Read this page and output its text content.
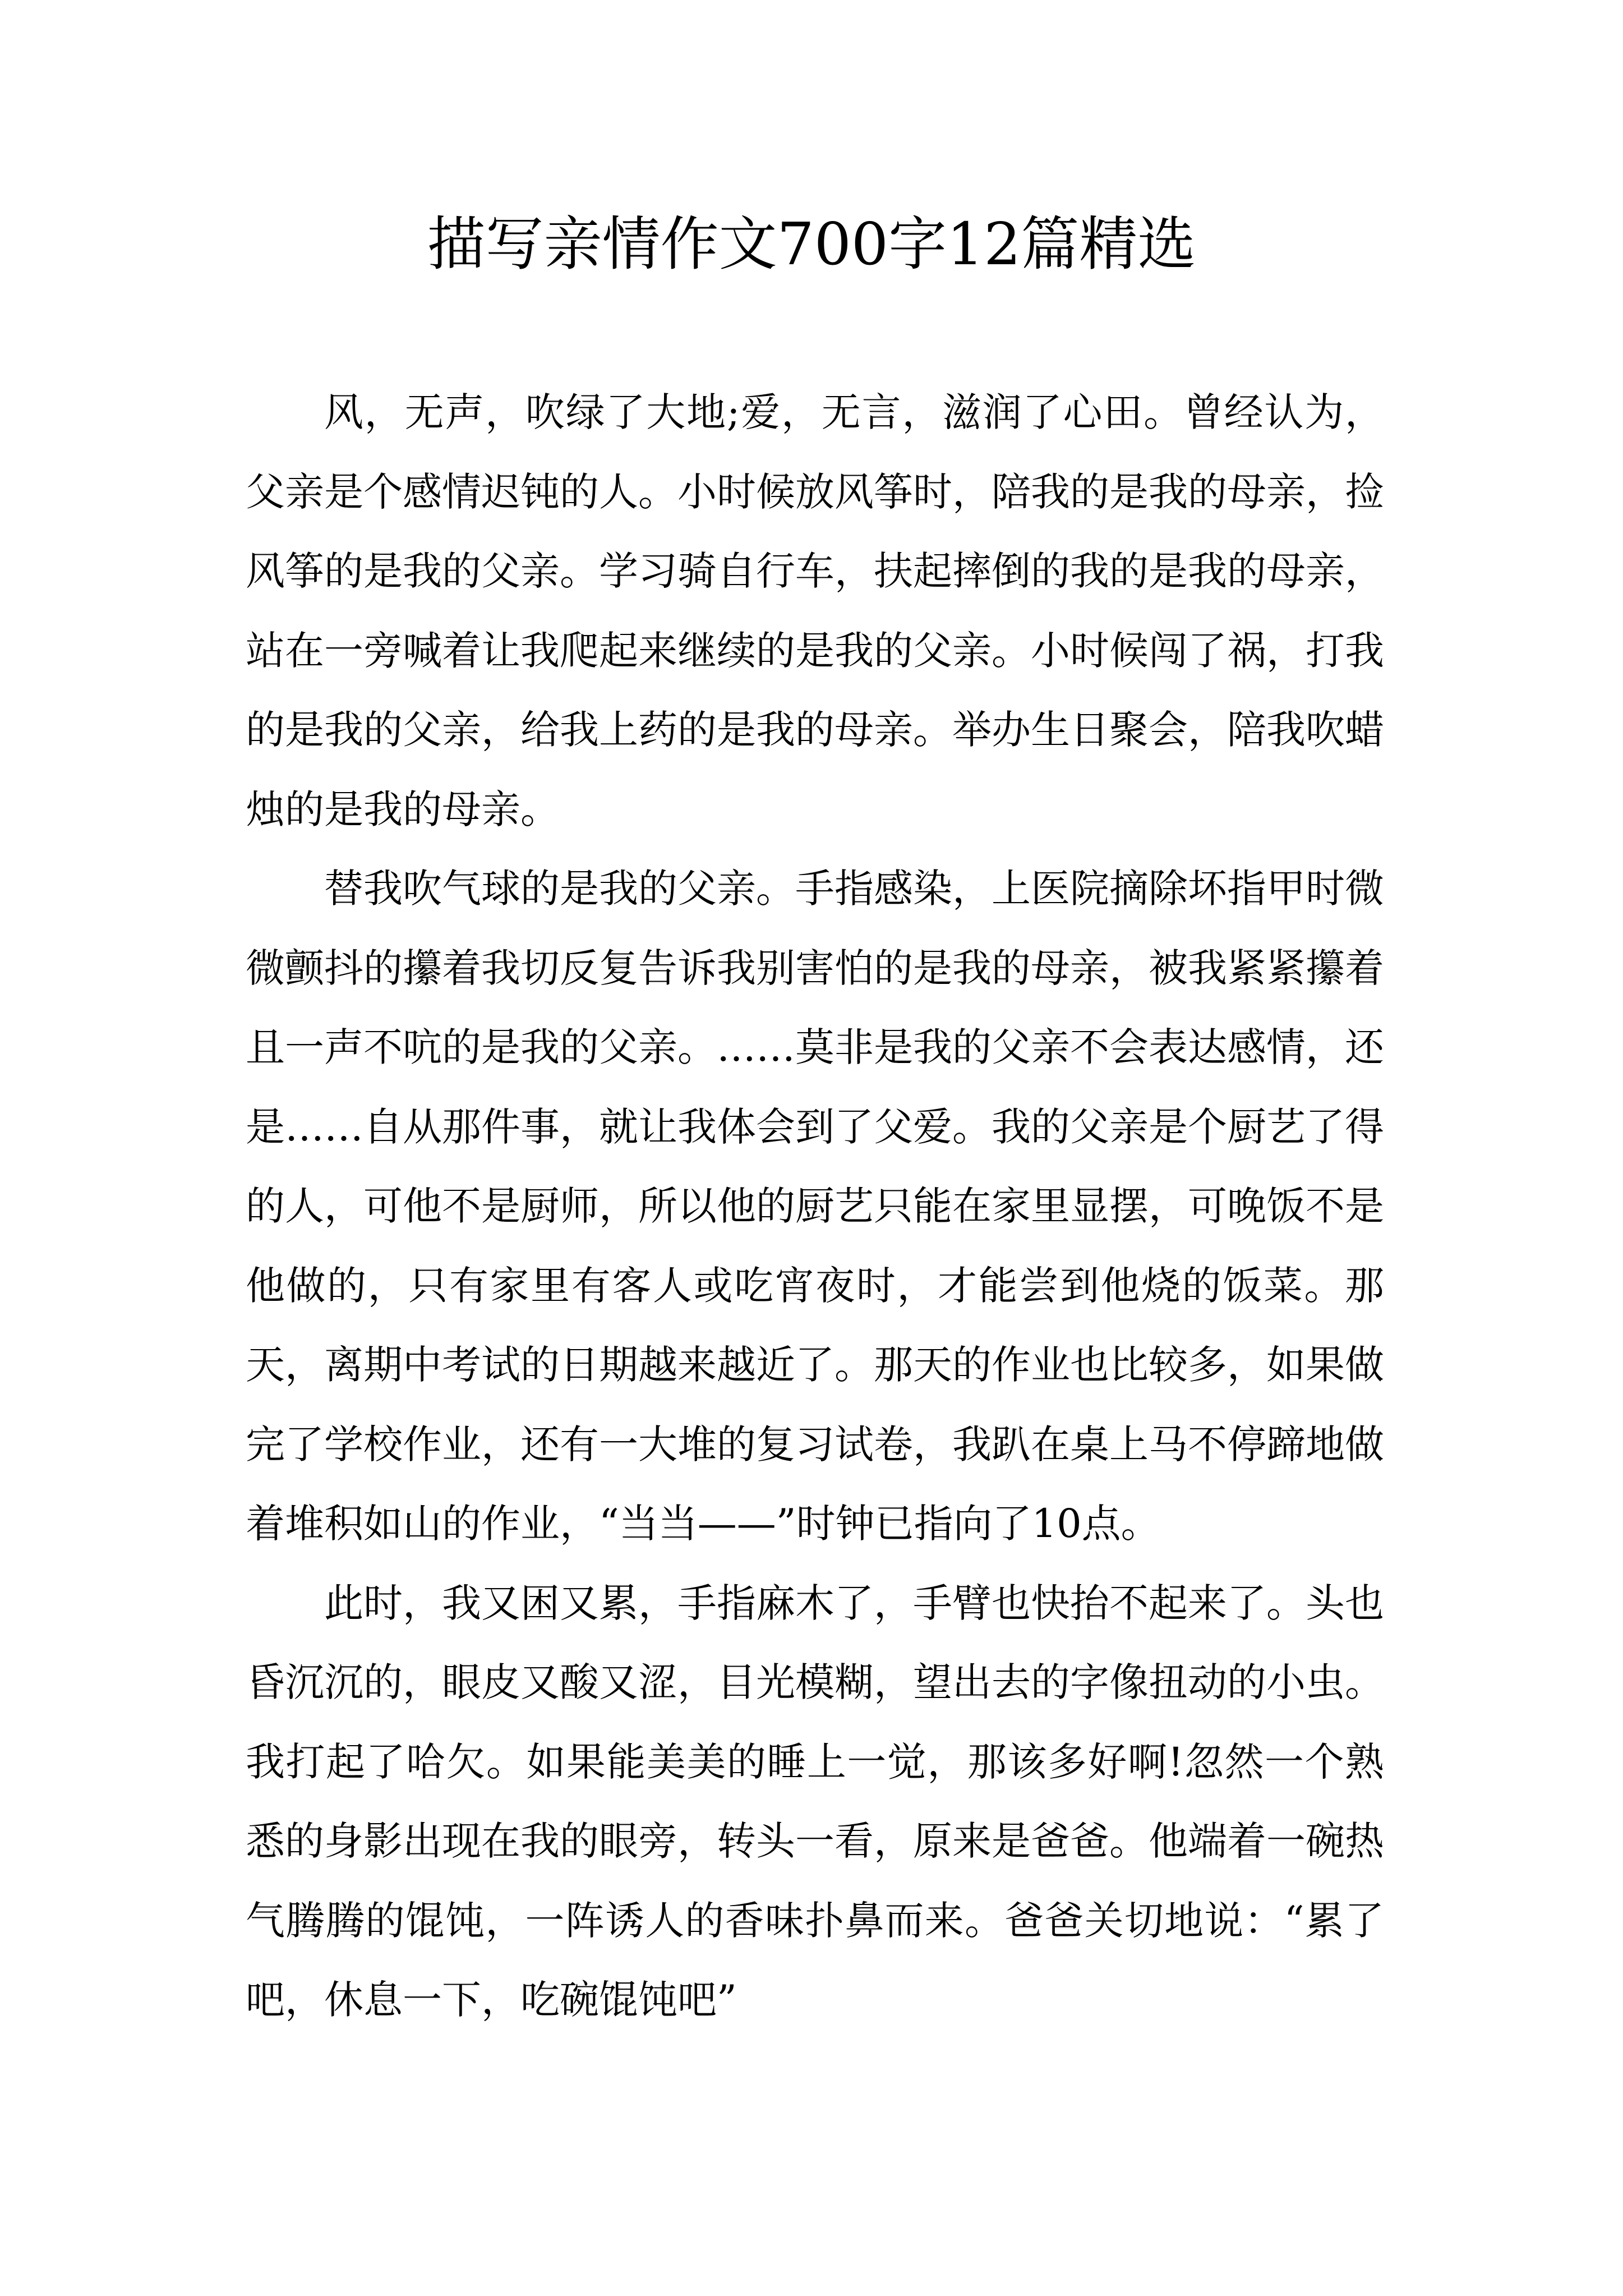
描写亲情作文700字12篇精选

风，无声，吹绿了大地;爱，无言，滋润了心田。曾经认为，父亲是个感情迟钝的人。小时候放风筝时，陪我的是我的母亲，捡风筝的是我的父亲。学习骑自行车，扶起摔倒的我的是我的母亲，站在一旁喊着让我爬起来继续的是我的父亲。小时候闯了祸，打我的是我的父亲，给我上药的是我的母亲。举办生日聚会，陪我吹蜡烛的是我的母亲。

替我吹气球的是我的父亲。手指感染，上医院摘除坏指甲时微微颤抖的攥着我切反复告诉我别害怕的是我的母亲，被我紧紧攥着且一声不吭的是我的父亲。……莫非是我的父亲不会表达感情，还是……自从那件事，就让我体会到了父爱。我的父亲是个厨艺了得的人，可他不是厨师，所以他的厨艺只能在家里显摆，可晚饭不是他做的，只有家里有客人或吃宵夜时，才能尝到他烧的饭菜。那天，离期中考试的日期越来越近了。那天的作业也比较多，如果做完了学校作业，还有一大堆的复习试卷，我趴在桌上马不停蹄地做着堆积如山的作业，“当当——”时钟已指向了10点。

此时，我又困又累，手指麻木了，手臂也快抬不起来了。头也昏沉沉的，眼皮又酸又涩，目光模糊，望出去的字像扭动的小虫。我打起了哈欠。如果能美美的睡上一觉，那该多好啊!忽然一个熟悉的身影出现在我的眼旁，转头一看，原来是爸爸。他端着一碗热气腾腾的馄饨，一阵诱人的香味扑鼻而来。爸爸关切地说：“累了吧，休息一下，吃碗馄饨吧”
